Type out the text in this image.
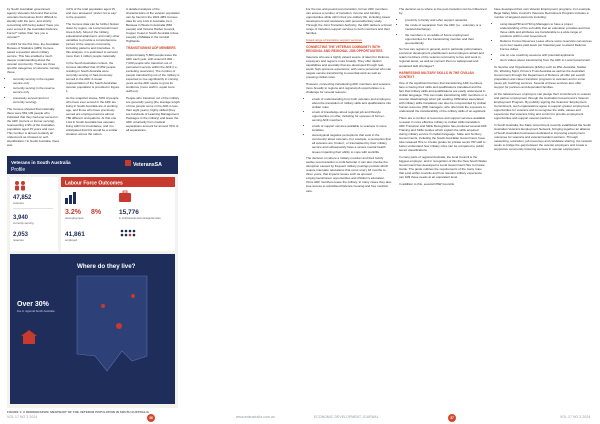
by South Australian government agency Veterans SA found that some veterans themselves find it difficult to identify with the term, and shortly recounting with being asked “have you ever served in the Australian Defence Force?” rather than “are you a veteran?”

In 2021 for the first time, the Australian Bureau of Statistics (ABS) Census asked a question about military service. This has enabled a much deeper understanding about the veteran community. There are three specific categories of veterans, namely those:

• currently serving in the regular service only
• currently serving in the reserve service only
• previously served (and not currently serving).

The Census showed that nationally there were 581,139 people who indicated that they had ever served in the ADF (current or former serving), representing 2.9% of the Australian population aged 15 years and over. This number is almost certainly an undercount as it based on self-identification.² In South Australia, there was

4.0% of the total population aged 15 and over answered “prefer not to say” to the question.

The Census data can be further broken down by region, via Local Government Area (LGA). Most of the military, educational attainment, and many other variables to provide a comprehensive picture of the veteran community, including patterns and intensities. In this analysis, it is estimated to account more than 1 million people nationally.

In the South Australian context, the Census identified that 47,852 people residing in South Australia were currently serving or had previously served in the ADF. A visual representation of the South Australian veteran population is provided in Figure 1.

As the snapshot shows, 50% of people who have ever served in the ADF are living in South Australia are of working age, and those who have previously served are employed across almost 780 different occupations. At that one LGA in South Australia has veterans living within its boundaries, and it is anticipated that this would be a similar situation across the nation.

A detailed analysis of the characteristics of the veteran population can be found in the 2021 ABS Census data for any LGA in Australia, be it Barossa in Western Australia (650 people) and Victoria Harbor Council, Copper Coast in South Australia (close people) of Mallala in the Central Highlands.

TRANSITIONING ADF MEMBERS

Approximately 5,800 people leave the ADF each year, with around 6,000 – 7,000 people who transition out of permanent service within the ADF (i.e., excluding reservists). The number of people transitioning out of the military is expected to rise significantly in coming years as the ADF seeks to grow its workforce (more staff in, equal more staff out).

People who transition out of the military are generally young (the average length of time people serve in the ADF is less than eight years), highly skilled (they are hundreds of Learning Management Packages in the military) and leave the ADF voluntarily from medical separations account for around 70% of all separations.

Veterans in South Australia
Profile
VeteransSA
47,852
veterans
3,940
currently serving
2,053
reserves
Labour Force Outcomes
3.2%
unemployment
8%
41,861
employed
15,776
in professional and managerial roles
Where do they live?
Over 30%
live in regional South Australia
FIGURE 1: A DEMOGRAPHIC SNAPSHOT OF THE VETERAN POPULATION IN SOUTH AUSTRALIA

For the two-and-pound post-transition, former ADF members can access a number of transition, income and funding opportunities while still in their pre-military life, including career development and assistance with personal/tertiary study. Through the Joint Transition Authority, the ADF delivers a broad range of transition support services to both members and their families.

broad range of transition support services

CONNECTING THE VETERAN COMMUNITY WITH REGIONAL AND REGIONAL JOB OPPORTUNITIES

Veterans who are a highly valued source of talent for Defence employers and region’s more broadly. They offer distinct capabilities and specialty that are developed through real-world, high-pressure experience, with some personnel who can negate service transitioning to essential work as well as pressing civilian roles.

However, connecting transitioning ADF members and veterans more broadly to regions and regional job opportunities is a challenge for several reasons:

• a lack of understanding from both veterans and employers about the translation of military skills and qualifications into civilian roles
• a lack of knowledge about regional job and lifestyle opportunities on offer, including for spouses of former-serving ADF members
• a lack of support services available to veterans in some localities
• stereotypical negative perceptions that exist in the community about veterans. For example, a perception that all veterans are ‘broken’, or traumatised by their military service and subsequently have a severe mental health issues impacting their ability to cope with work/life.

The decision on where a military member and their family settles post-transition is multi-factorial. It can also involve the disruption caused by frequent military postings periods which require interstate relocations that occur every 18 months to three years, that impacts issues such as spousal employment/career opportunities and children’s education. Once ADF members leave the military, in many cases they also lose access to subsidised Defence housing and free medical care.

The decision as to where to live post-transition can be influenced by:

• proximity to family and other support networks
• the mode of separation from the ADF (i.e., voluntary or a medical discharge)
• the members or an adults of future employment opportunities for the transitioning member and their spouse/family.

So how can regions in general, and in particular policymakers, economic development practitioners and employers attract and retain members of the veteran community to live and work in regional areas, as well as connect them to widespread and sustained skill shortages?

HARNESSING MILITARY SKILLS IN THE CIVILIAN CONTEXT

One of the significant barriers that transitioning ADF members face is having their skills and qualifications translated and the fact that military skills and qualifications are easily understood in civilian language. This can make transitioning ADF members or a veteran disadvantage when job seeking. Difficulties associated with military skills translation can also be compounded by civilian human resource (HR) managers, who often lack the exposure to understand the transferability of the military skills of an applicant.

There are a number of resources and support services available to assist in more effective military to civilian skills translation. ADF Transition and Skills Recognition has produced several ADF Training and Skills Guides which explain the skills acquired during military service in civilian language. State and Territory Governments, including the South Australian Government, have also released Hire to Create guides for private sector HR staff to better understand how military roles can be compared to public sector classifications.

In many parts of regional Australia, the local Council is the biggest employer, and in recognition of this the New South Wales Government has developed a Local Government Hire to Create Guide. The guide outlines the requirements of the many roles that exist within councils and how relevant military experience can fulfil these needs at an equivalent level.

In addition to this, several NSW Councils

have developed their own Veteran Employment programs. For example, Bega Valley Shire Council’s Veterans Recruitment Program includes a number of targeted elements including:

• using ideas/HR and Hiring Managers to have a proper understanding of the soft skills that an education provides and how those skills and attributes are transferable to a wide range of positions within Local Government
• Defence Forces Reserves Leave where some reservists can access up to four weeks paid leave per financial year to attend Defence Forces duties
• one on one coaching sessions with potential applicants
• short videos about transitioning from the ADF to Local Government.

To Service and Organisations (ESOs) such as RSL Australia, Soldier On, Working Spirit, Prince’s Trust Australia as well as the Australian Government through the Department of Defence all offer job search preparation and career transition programs to veterans and in some cases job matching services. Several of these services also offer support for partners and dependent families.

At the national level, employers can pledge their commitment to veteran and partner employment through the Australian Government’s Veteran Employment Program. By publicly signing the Veterans’ Employment Commitment, such organisations agree to support greater employment opportunities for veterans and to recognise the skills, values and experience that veterans bring and commit to provide employment opportunities and support veteran partners.

In South Australia, the State Government recently established the South Australian Veterans Employment Network, bringing together an alliance of South Australian businesses dedicated to improving employment outcomes for veterans and veteran/resident partners. Through networking, education, job resources and candidate sharing, the network seeks to bridge the gap between the veteran employers and create a supportive community fostering success in veteran employment.

VOL 17 NO 3 2024	36	www.edaustralia.com.au	ECONOMIC DEVELOPMENT JOURNAL	37	VOL 17 NO 3 2024
